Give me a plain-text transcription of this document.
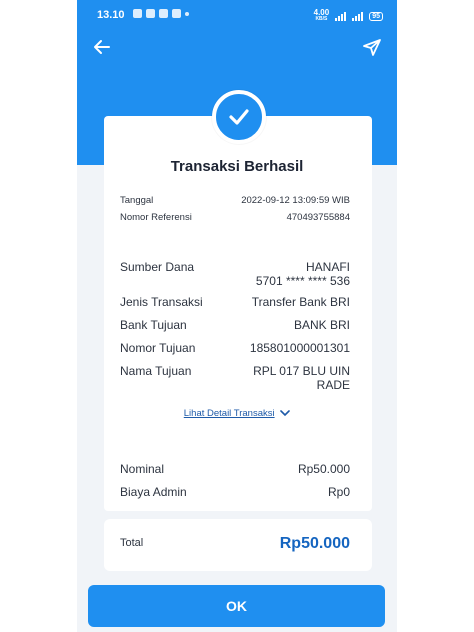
13.10	4.00
KB/S	95
Transaksi Berhasil
Tanggal	2022-09-12 13:09:59 WIB
Nomor Referensi	470493755884
Sumber Dana	HANAFI
5701 **** **** 536
Jenis Transaksi	Transfer Bank BRI
Bank Tujuan	BANK BRI
Nomor Tujuan	185801000001301
Nama Tujuan	RPL 017 BLU UIN
RADE
Lihat Detail Transaksi
Nominal	Rp50.000
Biaya Admin	Rp0
Total	Rp50.000
OK
